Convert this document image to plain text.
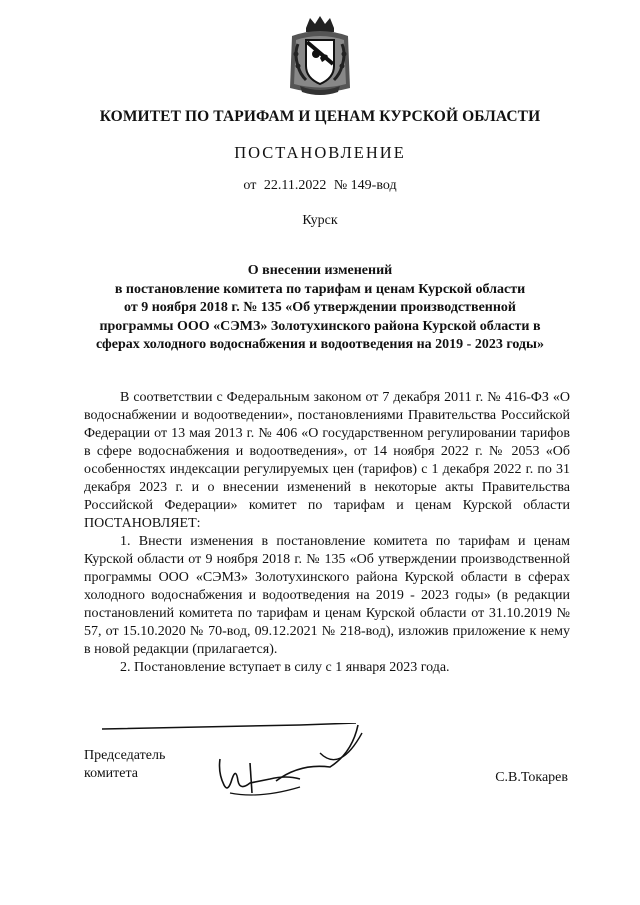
КОМИТЕТ ПО ТАРИФАМ И ЦЕНАМ КУРСКОЙ ОБЛАСТИ
ПОСТАНОВЛЕНИЕ
от 22.11.2022 № 149-вод
Курск
О внесении изменений
в постановление комитета по тарифам и ценам Курской области
от 9 ноября 2018 г. № 135 «Об утверждении производственной
программы ООО «СЭМЗ» Золотухинского района Курской области в
сферах холодного водоснабжения и водоотведения на 2019 - 2023 годы»

В соответствии с Федеральным законом от 7 декабря 2011 г. № 416-ФЗ «О водоснабжении и водоотведении», постановлениями Правительства Российской Федерации от 13 мая 2013 г. № 406 «О государственном регулировании тарифов в сфере водоснабжения и водоотведения», от 14 ноября 2022 г. № 2053 «Об особенностях индексации регулируемых цен (тарифов) с 1 декабря 2022 г. по 31 декабря 2023 г. и о внесении изменений в некоторые акты Правительства Российской Федерации» комитет по тарифам и ценам Курской области ПОСТАНОВЛЯЕТ:

1. Внести изменения в постановление комитета по тарифам и ценам Курской области от 9 ноября 2018 г. № 135 «Об утверждении производственной программы ООО «СЭМЗ» Золотухинского района Курской области в сферах холодного водоснабжения и водоотведения на 2019 - 2023 годы» (в редакции постановлений комитета по тарифам и ценам Курской области от 31.10.2019 № 57, от 15.10.2020 № 70-вод, 09.12.2021 № 218-вод), изложив приложение к нему в новой редакции (прилагается).

2. Постановление вступает в силу с 1 января 2023 года.

Председатель
комитета	С.В.Токарев
